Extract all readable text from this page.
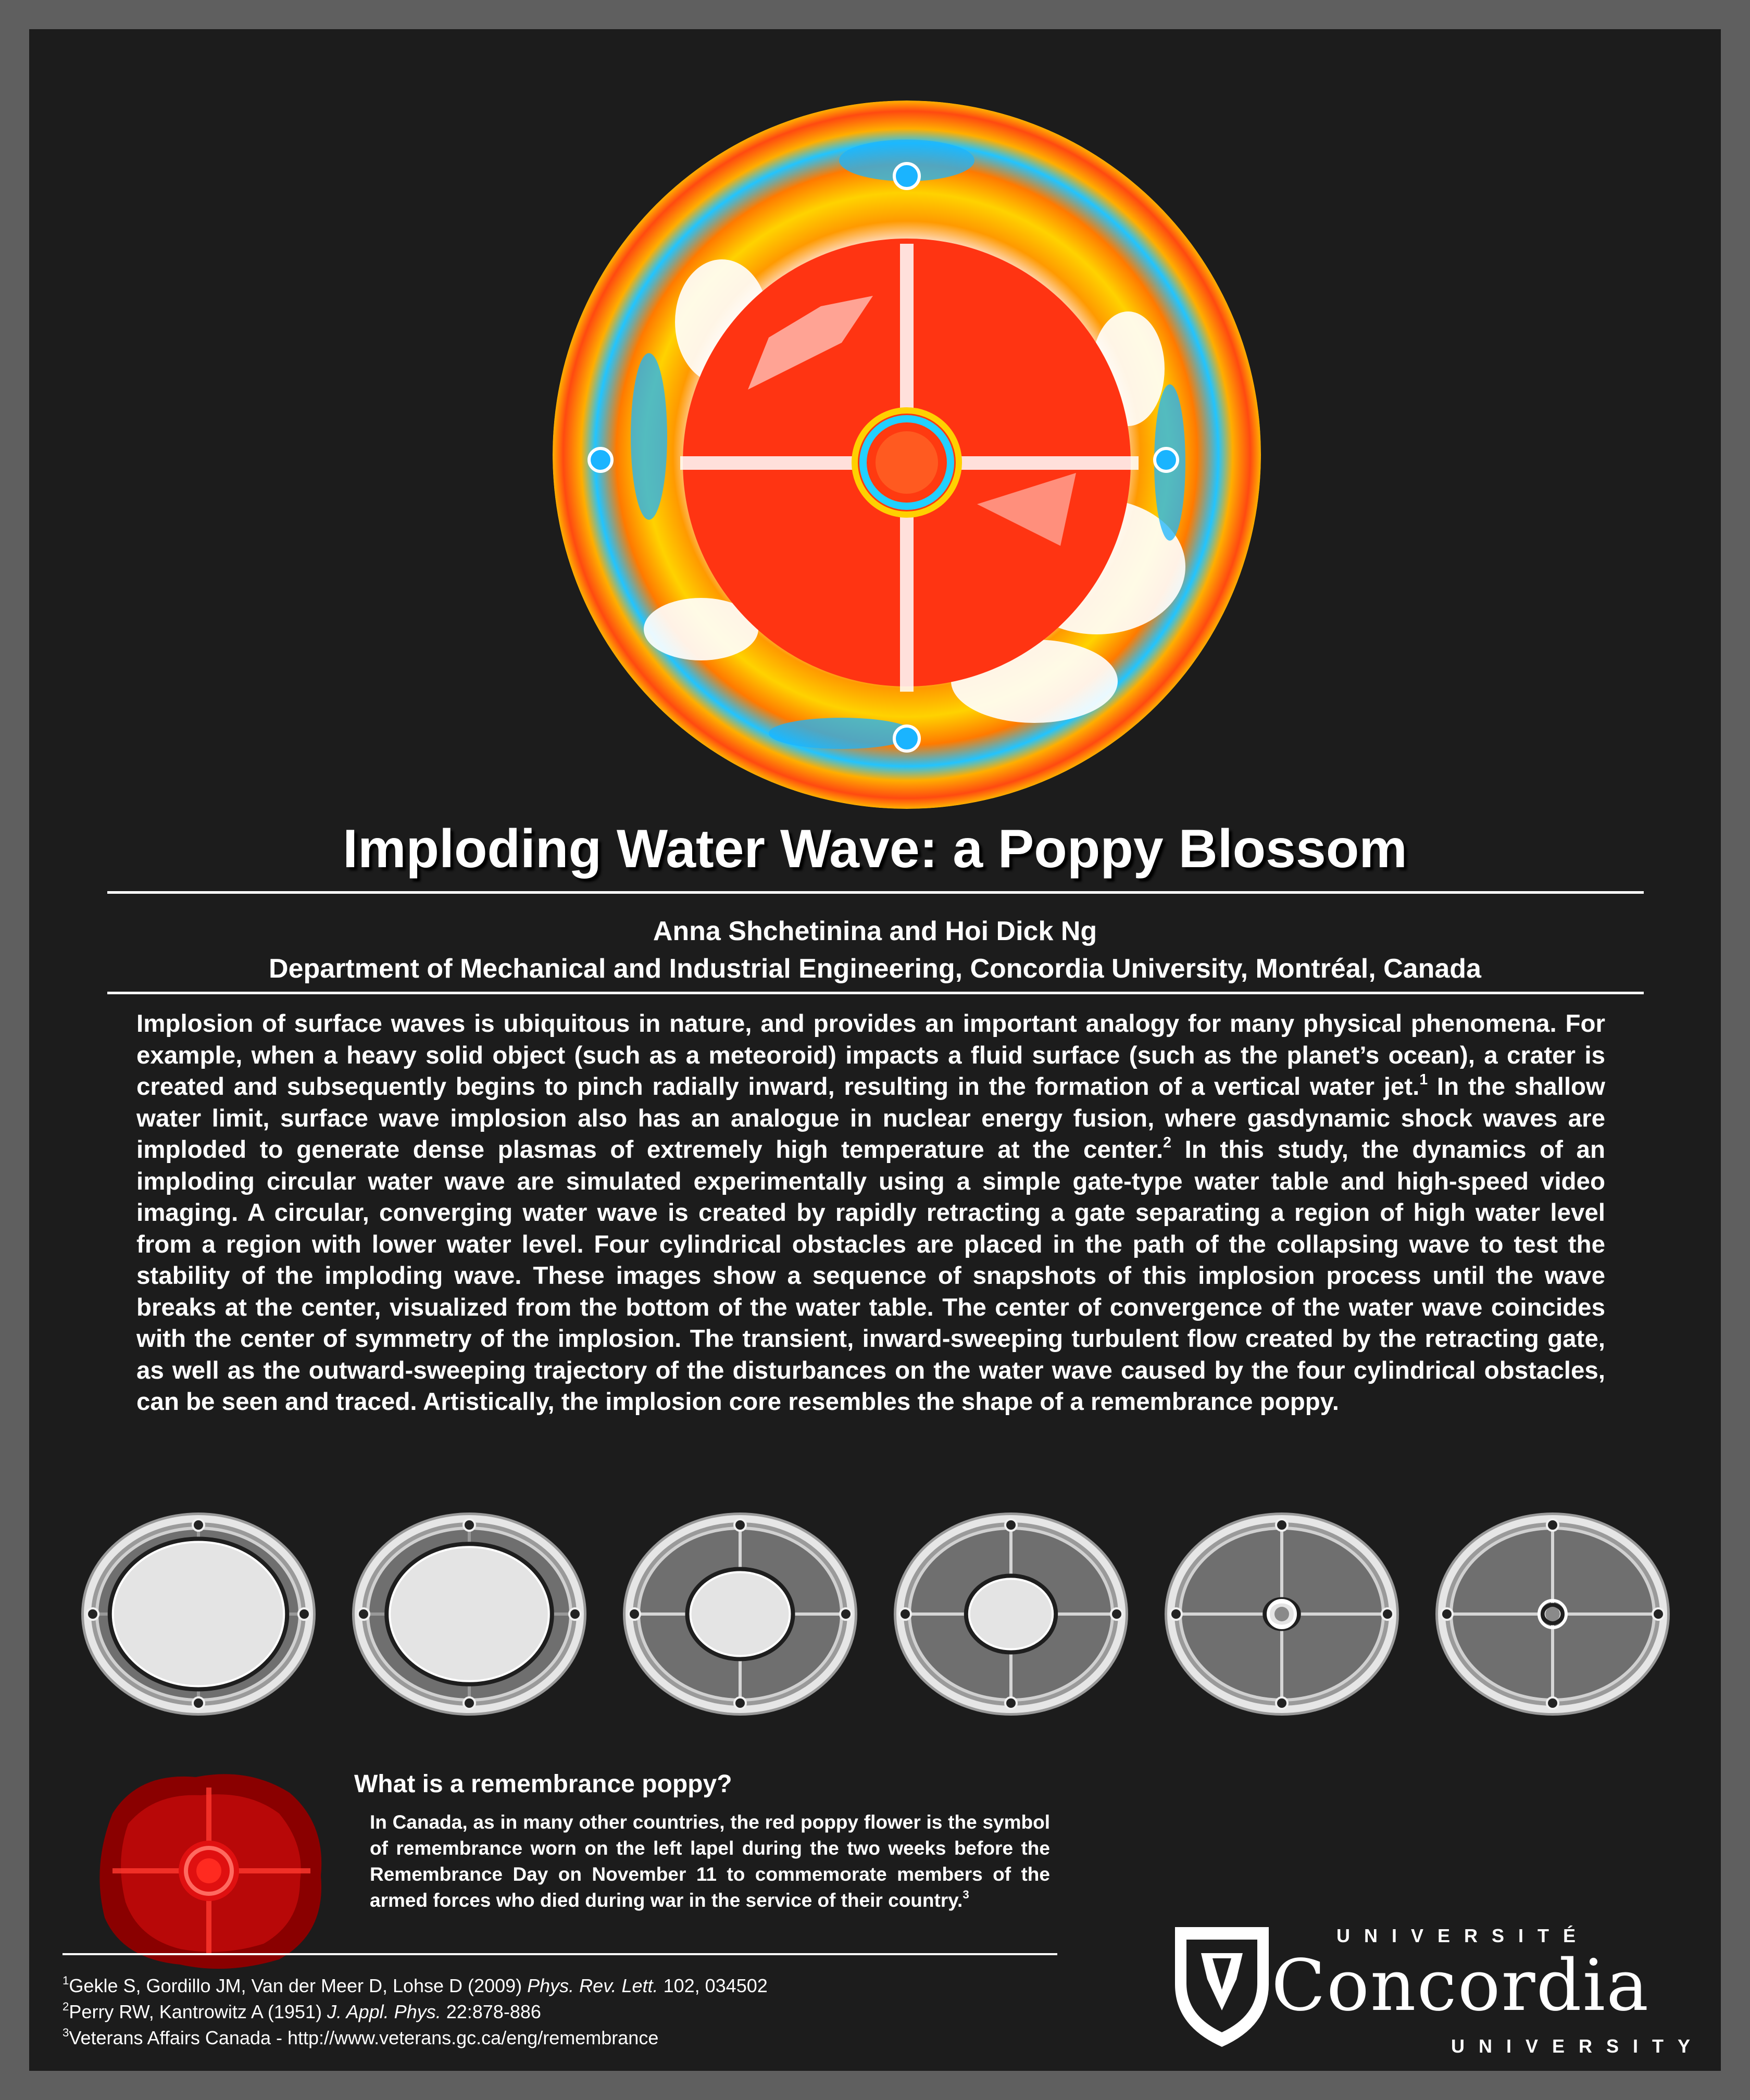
Imploding Water Wave: a Poppy Blossom
Anna Shchetinina and Hoi Dick Ng
Department of Mechanical and Industrial Engineering, Concordia University, Montréal, Canada
Implosion of surface waves is ubiquitous in nature, and provides an important analogy for many physical phenomena. For example, when a heavy solid object (such as a meteoroid) impacts a fluid surface (such as the planet’s ocean), a crater is created and subsequently begins to pinch radially inward, resulting in the formation of a vertical water jet.$^1$ In the shallow water limit, surface wave implosion also has an analogue in nuclear energy fusion, where gasdynamic shock waves are imploded to generate dense plasmas of extremely high temperature at the center.$^2$ In this study, the dynamics of an imploding circular water wave are simulated experimentally using a simple gate-type water table and high-speed video imaging. A circular, converging water wave is created by rapidly retracting a gate separating a region of high water level from a region with lower water level. Four cylindrical obstacles are placed in the path of the collapsing wave to test the stability of the imploding wave. These images show a sequence of snapshots of this implosion process until the wave breaks at the center, visualized from the bottom of the water table. The center of convergence of the water wave coincides with the center of symmetry of the implosion. The transient, inward-sweeping turbulent flow created by the retracting gate, as well as the outward-sweeping trajectory of the disturbances on the water wave caused by the four cylindrical obstacles, can be seen and traced. Artistically, the implosion core resembles the shape of a remembrance poppy.
What is a remembrance poppy?
In Canada, as in many other countries, the red poppy flower is the symbol of remembrance worn on the left lapel during the two weeks before the Remembrance Day on November 11 to commemorate members of the armed forces who died during war in the service of their country.$^3$
$^1$Gekle S, Gordillo JM, Van der Meer D, Lohse D (2009) Phys. Rev. Lett. 102, 034502
$^2$Perry RW, Kantrowitz A (1951) J. Appl. Phys. 22:878-886
$^3$Veterans Affairs Canada - http://www.veterans.gc.ca/eng/remembrance
UNIVERSITÉ
Concordia
UNIVERSITY
